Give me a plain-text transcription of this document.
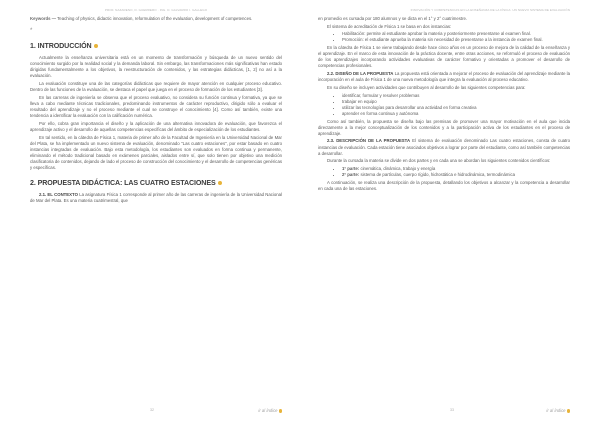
PROF. NAZARENO, D. GUERRERO · ING. D. GALVARRO I. GALLEGO

Keywords — Teaching of physics, didactic innovation, reformulation of the evaluation, development of competences.

*
1. INTRODUCCIÓN

Actualmente la enseñanza universitaria está en un momento de transformación y búsqueda de un nuevo sentido del conocimiento surgido por la realidad social y la demanda laboral. Sin embargo, las transformaciones más significativas han estado dirigidas fundamentalmente a los objetivos, la reestructuración de contenidos, y las estrategias didácticas, [1, 2] no así a la evaluación.

La evaluación constituye una de las categorías didácticas que requiere de mayor atención en cualquier proceso educativo. Dentro de las funciones de la evaluación, se destaca el papel que juega en el proceso de formación de los estudiantes [3].

En las carreras de ingeniería se observa que el proceso evaluativo, no considera su función continua y formativa, ya que se lleva a cabo mediante técnicas tradicionales, predominando instrumentos de carácter reproductivo, dirigido sólo a evaluar el resultado del aprendizaje y no el proceso mediante el cual se construye el conocimiento [4]. Como así también, existe una tendencia a identificar la evaluación con la calificación numérica.

Por ello, cobra gran importancia el diseño y la aplicación de una alternativa innovadora de evaluación, que favorezca el aprendizaje activo y el desarrollo de aquellas competencias específicas del ámbito de especialización de los estudiantes.

En tal sentido, en la cátedra de Física 1, materia de primer año de la Facultad de Ingeniería en la Universidad Nacional de Mar del Plata, se ha implementado un nuevo sistema de evaluación, denominado "Las cuatro estaciones", por estar basado en cuatro instancias integradas de evaluación. Bajo esta metodología, los estudiantes son evaluados en forma continua y permanente, eliminando el método tradicional basado en exámenes parciales, aislados entre sí, que solo tienen por objetivo una medición clasificatoria de contenidos, dejando de lado el proceso de construcción del conocimiento y el desarrollo de competencias genéricas y específicas.

2. PROPUESTA DIDÁCTICA: LAS CUATRO ESTACIONES

2.1. EL CONTEXTO La asignatura Física 1 corresponde al primer año de las carreras de ingeniería de la Universidad Nacional de Mar del Plata. Es una materia cuatrimestral, que

32	ir al índice
INNOVACIÓN Y COMPETENCIAS EN LA ENSEÑANZA DE LA FÍSICA: UN NUEVO SISTEMA DE EVALUACIÓN

en promedio es cursada por 180 alumnos y se dicta en el 1° y 2° cuatrimestre.

El sistema de acreditación de Física 1 se basa en dos instancias:

• Habilitación: permite al estudiante aprobar la materia y posteriormente presentarse al examen final.
• Promoción: el estudiante aprueba la materia sin necesidad de presentarse a la instancia de examen final.

En la cátedra de Física 1 se viene trabajando desde hace cinco años en un proceso de mejora de la calidad de la enseñanza y el aprendizaje. En el marco de esta innovación de la práctica docente, entre otras acciones, se reformuló el proceso de evaluación de los aprendizajes incorporando actividades evaluativas de carácter formativo y orientadas a promover el desarrollo de competencias profesionales.

2.2. DISEÑO DE LA PROPUESTA La propuesta está orientada a mejorar el proceso de evaluación del aprendizaje mediante la incorporación en el aula de Física 1 de una nueva metodología que integra la evaluación al proceso educativo.

En su diseño se incluyen actividades que contribuyen al desarrollo de las siguientes competencias para:

• identificar, formular y resolver problemas
• trabajar en equipo
• utilizar las tecnologías para desarrollar una actividad en forma creativa
• aprender en forma continua y autónoma

Como así también, la propuesta se diseña bajo las premisas de promover una mayor motivación en el aula que incida directamente a la mejor conceptualización de los contenidos y a la participación activa de los estudiantes en el proceso de aprendizaje.

2.3. DESCRIPCIÓN DE LA PROPUESTA El sistema de evaluación denominado Las cuatro estaciones, consta de cuatro instancias de evaluación. Cada estación tiene asociados objetivos a lograr por parte del estudiante, como así también competencias a desarrollar.

Durante la cursada la materia se divide en dos partes y en cada una se abordan los siguientes contenidos científicos:

• 1° parte: cinemática, dinámica, trabajo y energía
• 2° parte: sistema de partículas, cuerpo rígido, hidrostática e hidrodinámica, termodinámica

A continuación, se realiza una descripción de la propuesta, detallando los objetivos a alcanzar y la competencia a desarrollar en cada una de las estaciones.

33	ir al índice
